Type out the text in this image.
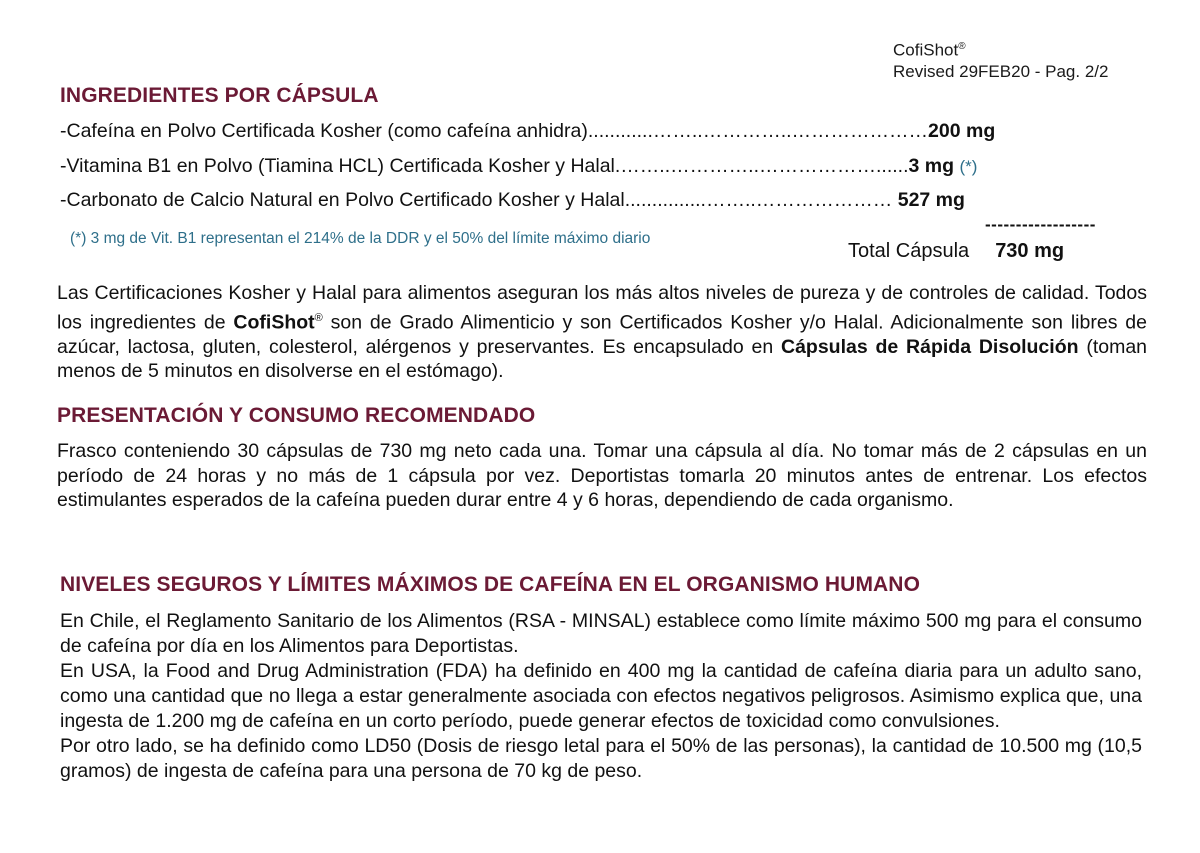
CofiShot®
Revised 29FEB20 - Pag. 2/2
INGREDIENTES POR CÁPSULA
-Cafeína en Polvo Certificada Kosher (como cafeína anhidra)............……..…………..…………………200 mg
-Vitamina B1 en Polvo (Tiamina HCL) Certificada Kosher y Halal.……..…………..………………......3 mg (*)
-Carbonato de Calcio Natural en Polvo Certificado Kosher y Halal...............……..………………… 527 mg
------------------
(*) 3 mg de Vit. B1 representan el 214% de la DDR y el 50% del límite máximo diario
Total Cápsula 730 mg

Las Certificaciones Kosher y Halal para alimentos aseguran los más altos niveles de pureza y de controles de calidad. Todos los ingredientes de CofiShot® son de Grado Alimenticio y son Certificados Kosher y/o Halal. Adicionalmente son libres de azúcar, lactosa, gluten, colesterol, alérgenos y preservantes. Es encapsulado en Cápsulas de Rápida Disolución (toman menos de 5 minutos en disolverse en el estómago).

PRESENTACIÓN Y CONSUMO RECOMENDADO

Frasco conteniendo 30 cápsulas de 730 mg neto cada una. Tomar una cápsula al día. No tomar más de 2 cápsulas en un período de 24 horas y no más de 1 cápsula por vez. Deportistas tomarla 20 minutos antes de entrenar. Los efectos estimulantes esperados de la cafeína pueden durar entre 4 y 6 horas, dependiendo de cada organismo.

NIVELES SEGUROS Y LÍMITES MÁXIMOS DE CAFEÍNA EN EL ORGANISMO HUMANO

En Chile, el Reglamento Sanitario de los Alimentos (RSA - MINSAL) establece como límite máximo 500 mg para el consumo de cafeína por día en los Alimentos para Deportistas.

En USA, la Food and Drug Administration (FDA) ha definido en 400 mg la cantidad de cafeína diaria para un adulto sano, como una cantidad que no llega a estar generalmente asociada con efectos negativos peligrosos. Asimismo explica que, una ingesta de 1.200 mg de cafeína en un corto período, puede generar efectos de toxicidad como convulsiones.

Por otro lado, se ha definido como LD50 (Dosis de riesgo letal para el 50% de las personas), la cantidad de 10.500 mg (10,5 gramos) de ingesta de cafeína para una persona de 70 kg de peso.
